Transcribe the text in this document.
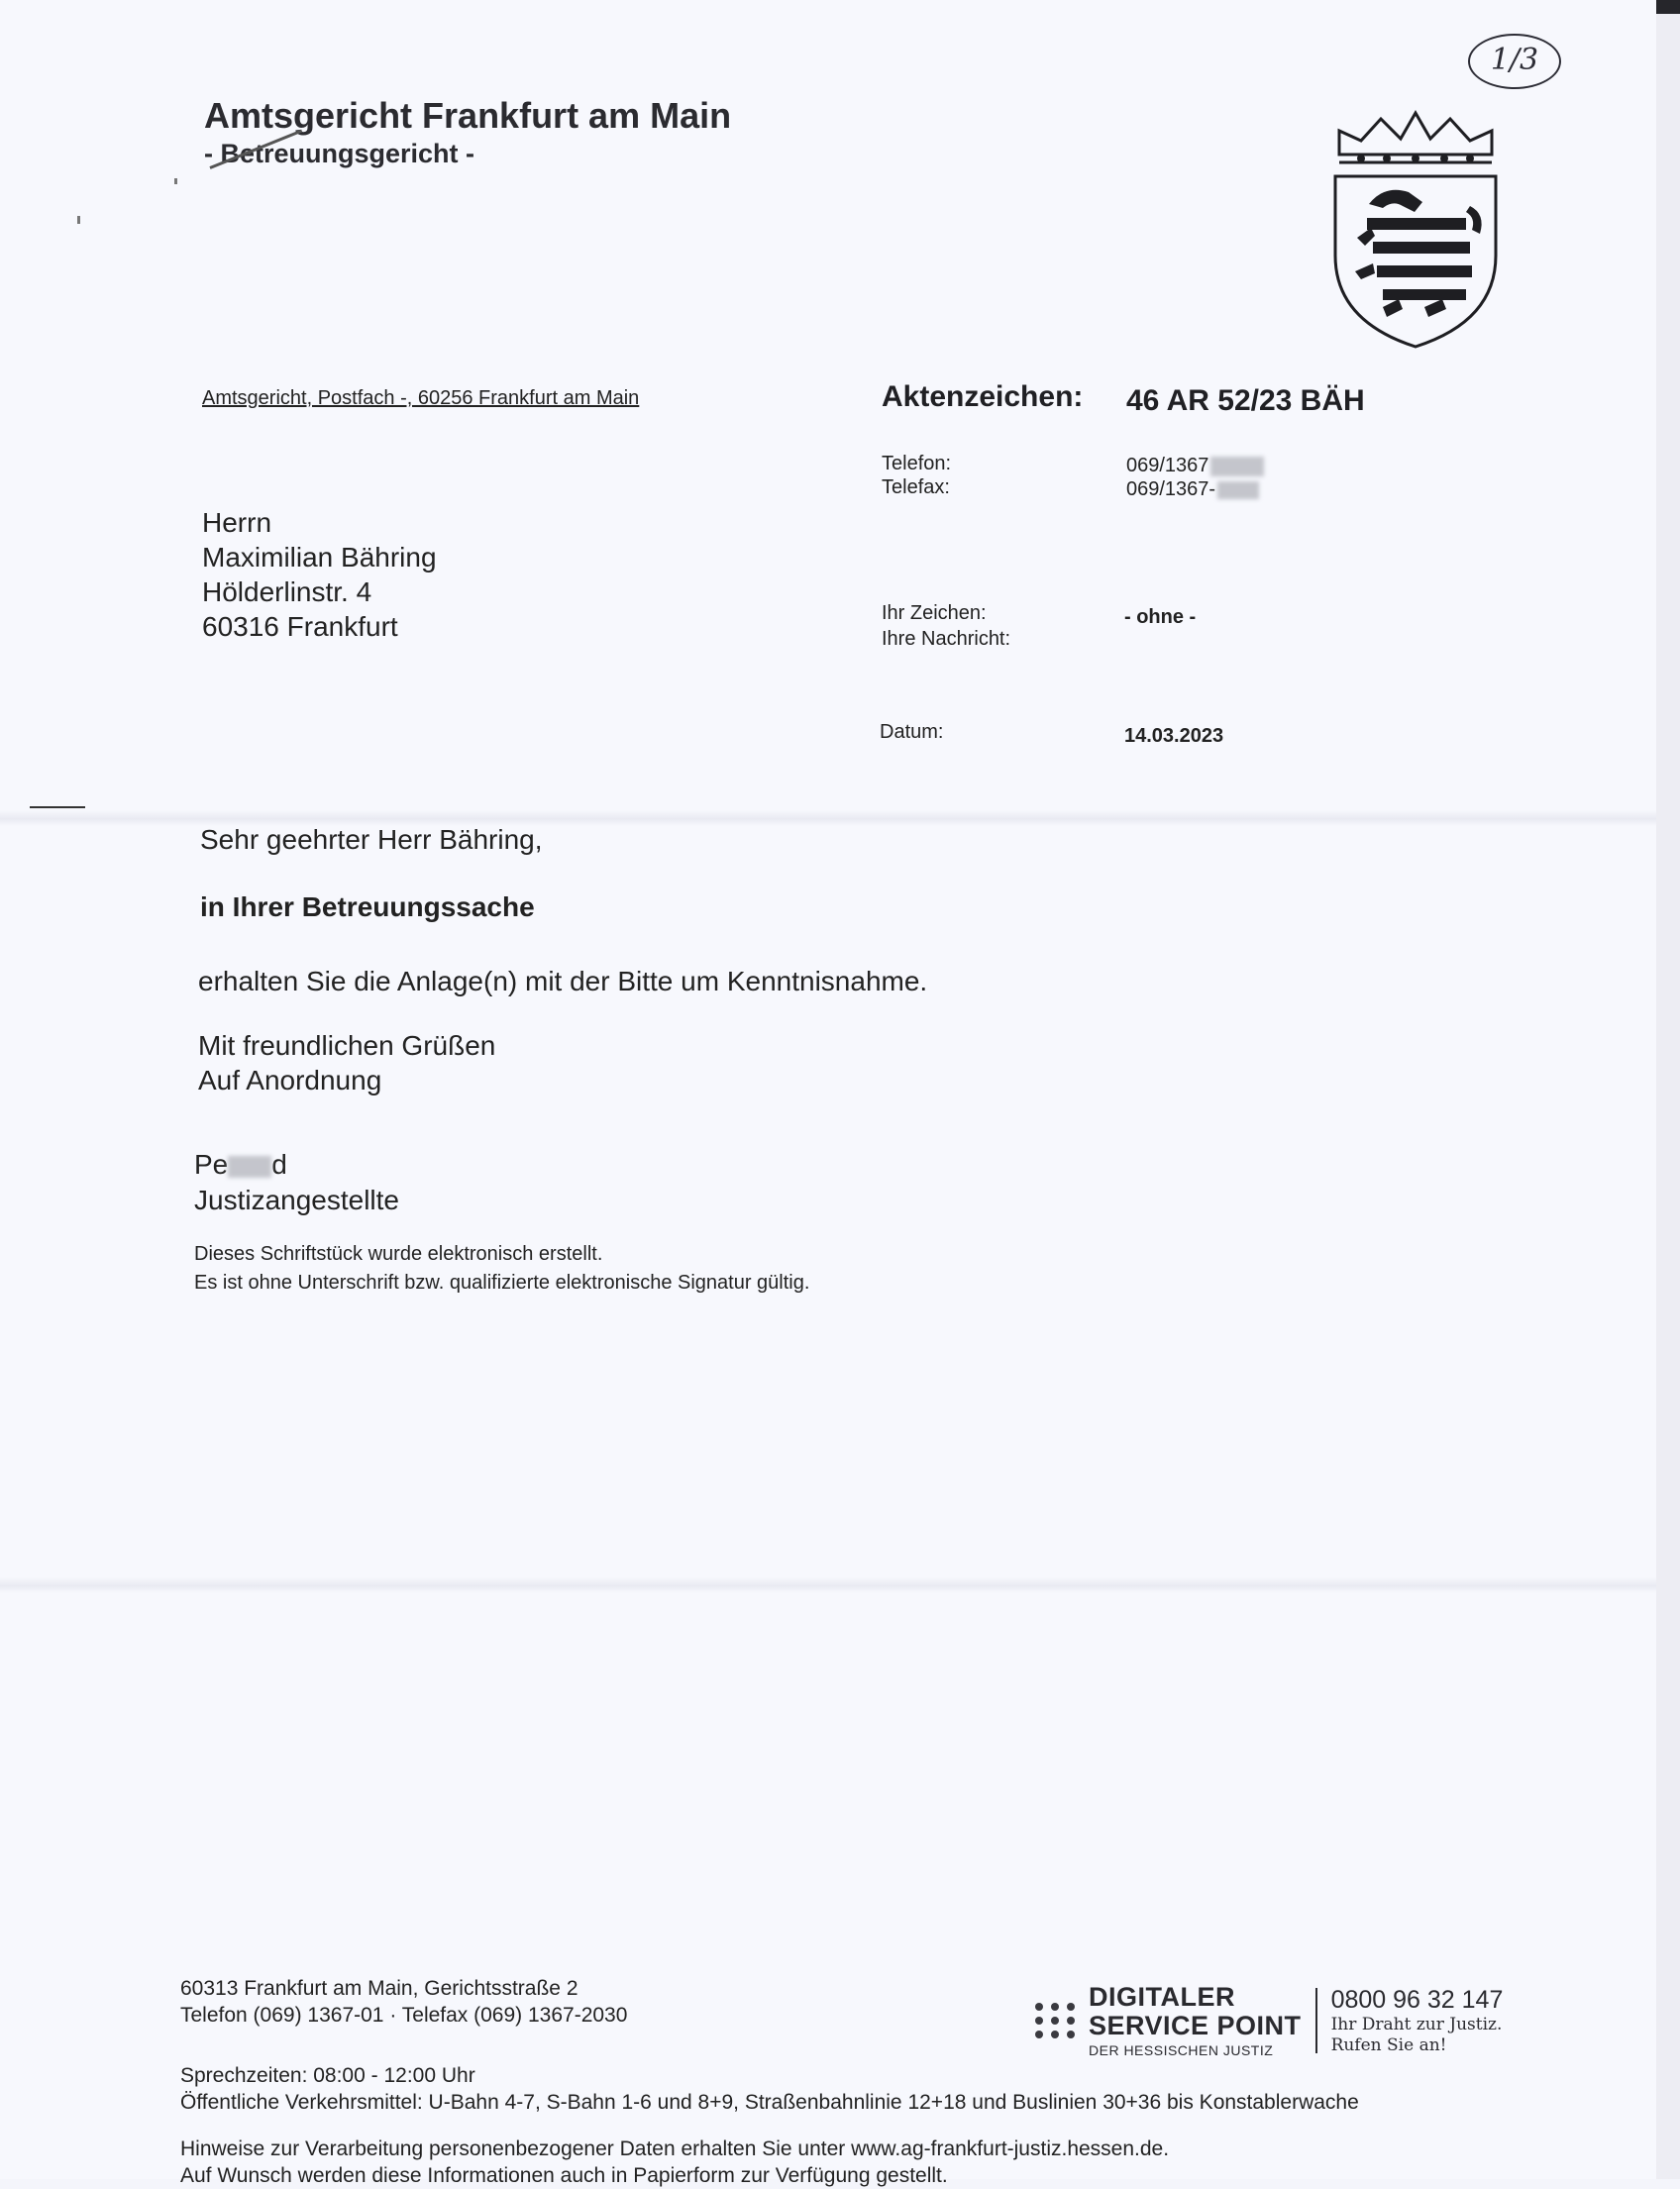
1/3
Amtsgericht Frankfurt am Main
- Betreuungsgericht -
Amtsgericht, Postfach -, 60256 Frankfurt am Main	Aktenzeichen: 46 AR 52/23 BÄH
Telefon:
Telefax:
069/1367
069/1367-
Ihr Zeichen:
Ihre Nachricht:
- ohne -
Datum:	14.03.2023
Herrn
Maximilian Bähring
Hölderlinstr. 4
60316 Frankfurt
Sehr geehrter Herr Bähring,
in Ihrer Betreuungssache
erhalten Sie die Anlage(n) mit der Bitte um Kenntnisnahme.
Mit freundlichen Grüßen
Auf Anordnung
Pe d
Justizangestellte
Dieses Schriftstück wurde elektronisch erstellt.
Es ist ohne Unterschrift bzw. qualifizierte elektronische Signatur gültig.
60313 Frankfurt am Main, Gerichtsstraße 2
Telefon (069) 1367-01 · Telefax (069) 1367-2030
Sprechzeiten: 08:00 - 12:00 Uhr
Öffentliche Verkehrsmittel: U-Bahn 4-7, S-Bahn 1-6 und 8+9, Straßenbahnlinie 12+18 und Buslinien 30+36 bis Konstablerwache
Hinweise zur Verarbeitung personenbezogener Daten erhalten Sie unter www.ag-frankfurt-justiz.hessen.de.
Auf Wunsch werden diese Informationen auch in Papierform zur Verfügung gestellt.
DIGITALER
SERVICE POINT
DER HESSISCHEN JUSTIZ
0800 96 32 147
Ihr Draht zur Justiz.
Rufen Sie an!
